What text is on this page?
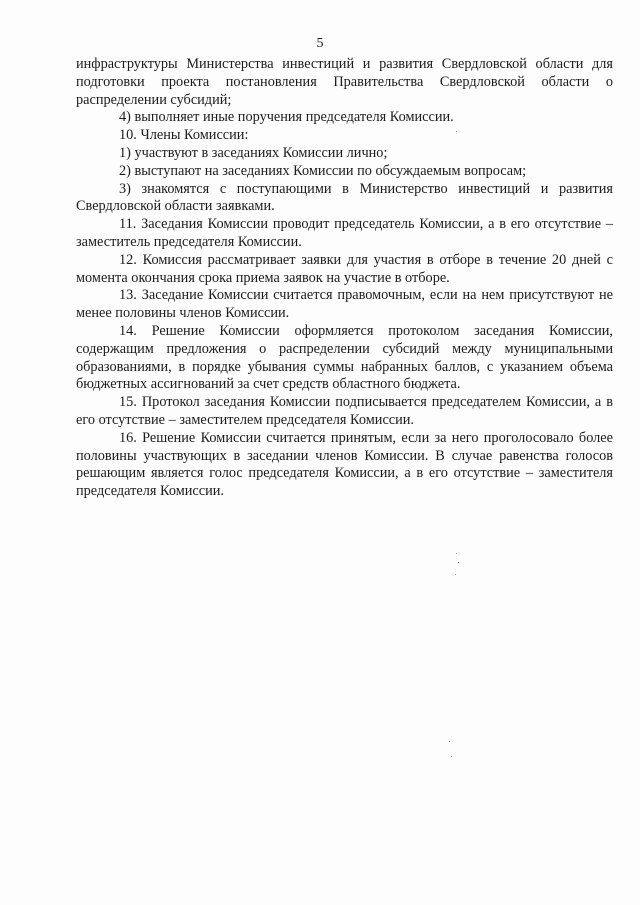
5

инфраструктуры Министерства инвестиций и развития Свердловской области для подготовки проекта постановления Правительства Свердловской области о распределении субсидий;

4) выполняет иные поручения председателя Комиссии.

10. Члены Комиссии:

1) участвуют в заседаниях Комиссии лично;

2) выступают на заседаниях Комиссии по обсуждаемым вопросам;

3) знакомятся с поступающими в Министерство инвестиций и развития Свердловской области заявками.

11. Заседания Комиссии проводит председатель Комиссии, а в его отсутствие – заместитель председателя Комиссии.

12. Комиссия рассматривает заявки для участия в отборе в течение 20 дней с момента окончания срока приема заявок на участие в отборе.

13. Заседание Комиссии считается правомочным, если на нем присутствуют не менее половины членов Комиссии.

14. Решение Комиссии оформляется протоколом заседания Комиссии, содержащим предложения о распределении субсидий между муниципальными образованиями, в порядке убывания суммы набранных баллов, с указанием объема бюджетных ассигнований за счет средств областного бюджета.

15. Протокол заседания Комиссии подписывается председателем Комиссии, а в его отсутствие – заместителем председателя Комиссии.

16. Решение Комиссии считается принятым, если за него проголосовало более половины участвующих в заседании членов Комиссии. В случае равенства голосов решающим является голос председателя Комиссии, а в его отсутствие – заместителя председателя Комиссии.
